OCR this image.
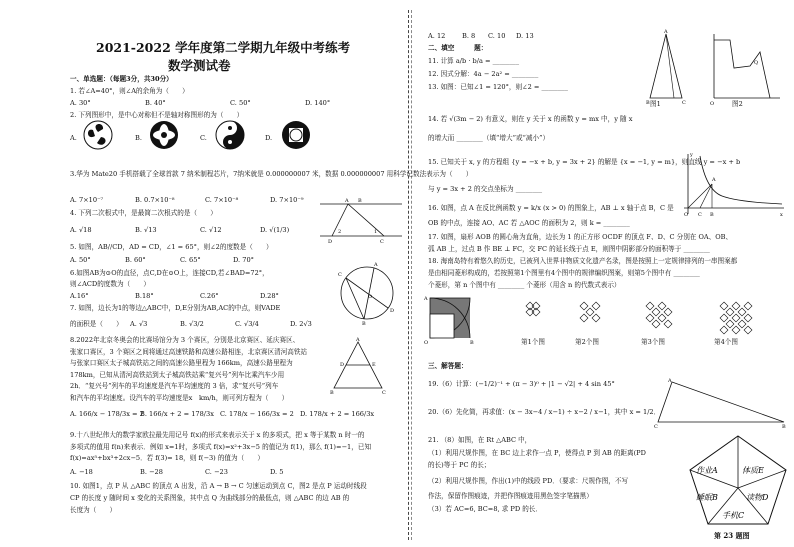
2021-2022 学年度第二学期九年级中考练考
数学测试卷
一、单选题：（每题3分，共30分）
1. 若∠A=40°，则∠A的余角为（　　）
A. 30°	B. 40°	C. 50°	D. 140°
2. 下列图形中，是中心对称但不是轴对称图形的为（　　）
A.	B.	C.	D.
3.华为 Mate20 手机搭载了全球首款 7 纳米制程芯片，7纳米就是 0.000000007 米，数据 0.000000007 用科学记数法表示为（　　）
A. 7×10⁻⁷	B. 0.7×10⁻⁸	C. 7×10⁻⁸	D. 7×10⁻⁹
4. 下列二次根式中，是最简二次根式的是（　　）
A. √18	B. √13	C. √12	D. √(1/3)
A B
D	C
1
2
5. 如图，AB//CD，AD = CD，∠1 = 65°，则∠2的度数是（　　）
A. 50°	B. 60°	C. 65°	D. 70°
6.如图AB为⊙O的直径，点C,D在⊙O上，连接CD,若∠BAD=72°，
则∠ACD的度数为（　　）
A.16°	B.18°	C.26°	D.28°
C
A
O
D
B
7. 如图，边长为1的等边△ABC中，D,E分别为AB,AC的中点，则VADE
的面积是（　　） A. √3	B. √3/2	C. √3/4	D. 2√3
A
D	E
B	C
8.2022年北京冬奥会的比赛场馆分为 3 个赛区，分别是北京赛区、延庆赛区、
张家口赛区，3 个赛区之间将通过高速铁路和高速公路相连，北京赛区清河高铁站
与张家口赛区太子城高铁站之间的高速公路里程为 166km，高速公路里程为
178km，已知从清河高铁站到太子城高铁站乘“复兴号”列车比乘汽车少用
2h．“复兴号”列车的平均速度是汽车平均速度的 3 倍，求“复兴号”列车
和汽车的平均速度。设汽车的平均速度是x　km/h，则可列方程为（　　）
A. 166/x − 178/3x = 2
B. 166/x + 2 = 178/3x C. 178/x − 166/3x = 2 D. 178/x + 2 = 166/3x
9.十八世纪伟大的数学家欧拉最先用记号 f(x)的形式来表示关于 x 的多项式，把 x 等于某数 n 时一的
多项式的值用 f(n)来表示．例如 x=1时，多项式 f(x)=x²+3x−5 的值记为 f(1)，那么 f(1)=−1，已知
f(x)=ax⁵+bx³+2cx−5．若 f(3)= 18，则 f(−3) 的值为（　　）
A. −18	B. −28	C. −23	D. 5
10. 如图1，点 P 从 △ABC 的顶点 A 出发，沿 A → B → C 匀速运动到点 C，图2 是点 P 运动时线段
CP 的长度 y 随时间 x 变化的关系图象，其中点 Q 为曲线部分的最低点，则 △ABC 的边 AB 的
长度为（　　）
A. 12	B. 8 C. 10 D. 13
二、填空　　　题：
11. 计算 a/b · b/a = ________
12. 因式分解：4a − 2a² = ________
13. 如图：已知∠1 = 120°，则∠2 = ________
A
B	C
Q
O
图1	图2
14. 若 √(3m − 2) 有意义，则在 y 关于 x 的函数 y = mx 中，y 随 x
的增大而 ________（填“增大”或“减小”）
15. 已知关于 x, y 的方程组 {y = −x + b, y = 3x + 2} 的解是 {x = −1, y = m}，则直线 y = −x + b
与 y = 3x + 2 的交点坐标为 ________
A
O C B	x
y
16. 如图，点 A 在反比例函数 y = k/x (x > 0) 的图象上，AB ⊥ x 轴于点 B，C 是
OB 的中点，连接 AO、AC 若 △AOC 的面积为 2，则 k = ________
17. 如图，扇形 AOB 的圆心角为直角，边长为 1 的正方形 OCDF 的顶点 F、D、C 分别在 OA、OB、
弧 AB 上，过点 B 作 BE ⊥ FC，交 FC 的延长线于点 E，则图中阴影部分的面积等于 ________
18. 海南岛特有着悠久的历史，已被列入世界非物质文化遗产名录，图是按照上一定规律排列的一串图案都
是由相同菱形构成的，若按照第1个图里有4个图中的规律编织图案，则第5个图中有 ________
个菱形，第 n 个图中有 ________ 个菱形（用含 n 的代数式表示）
A
O	B	第1个图	第2个图	第3个图	第4个图
三、解答题：
19.（6）计算：(−1/2)⁻¹ + (π − 3)⁰ + |1 − √2| + 4 sin 45°
20.（6）先化简，再求值：(x − 3x−4 / x−1) ÷ x−2 / x−1，其中 x = 1/2．
A
C	B
21. （8）如图，在 Rt △ABC 中，
（1）利用尺规作图，在 BC 边上求作一点 P，使得点 P 到 AB 的距离(PD
的长)等于 PC 的长；
（2）利用尺规作图，作出(1)中的线段 PD．（要求：尺规作图，不写
作法，保留作图痕迹，并把作图痕迹用黑色签字笔描黑）
（3）若 AC=6, BC=8, 求 PD 的长．
作业A	体质E
睡眠B	读物D
手机C
第 23 题图
